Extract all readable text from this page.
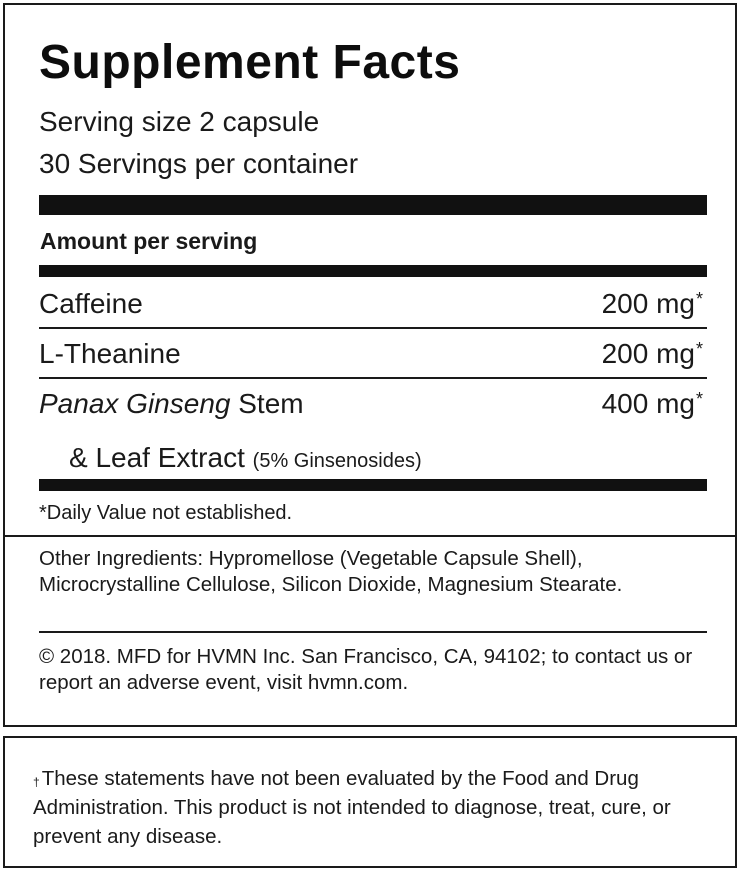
Supplement Facts
Serving size 2 capsule
30 Servings per container
Amount per serving
Caffeine	200 mg*
L-Theanine	200 mg*
Panax Ginseng Stem	400 mg*
& Leaf Extract (5% Ginsenosides)
*Daily Value not established.
Other Ingredients: Hypromellose (Vegetable Capsule Shell), Microcrystalline Cellulose, Silicon Dioxide, Magnesium Stearate.
© 2018. MFD for HVMN Inc. San Francisco, CA, 94102; to contact us or report an adverse event, visit hvmn.com.
†These statements have not been evaluated by the Food and Drug Administration. This product is not intended to diagnose, treat, cure, or prevent any disease.
